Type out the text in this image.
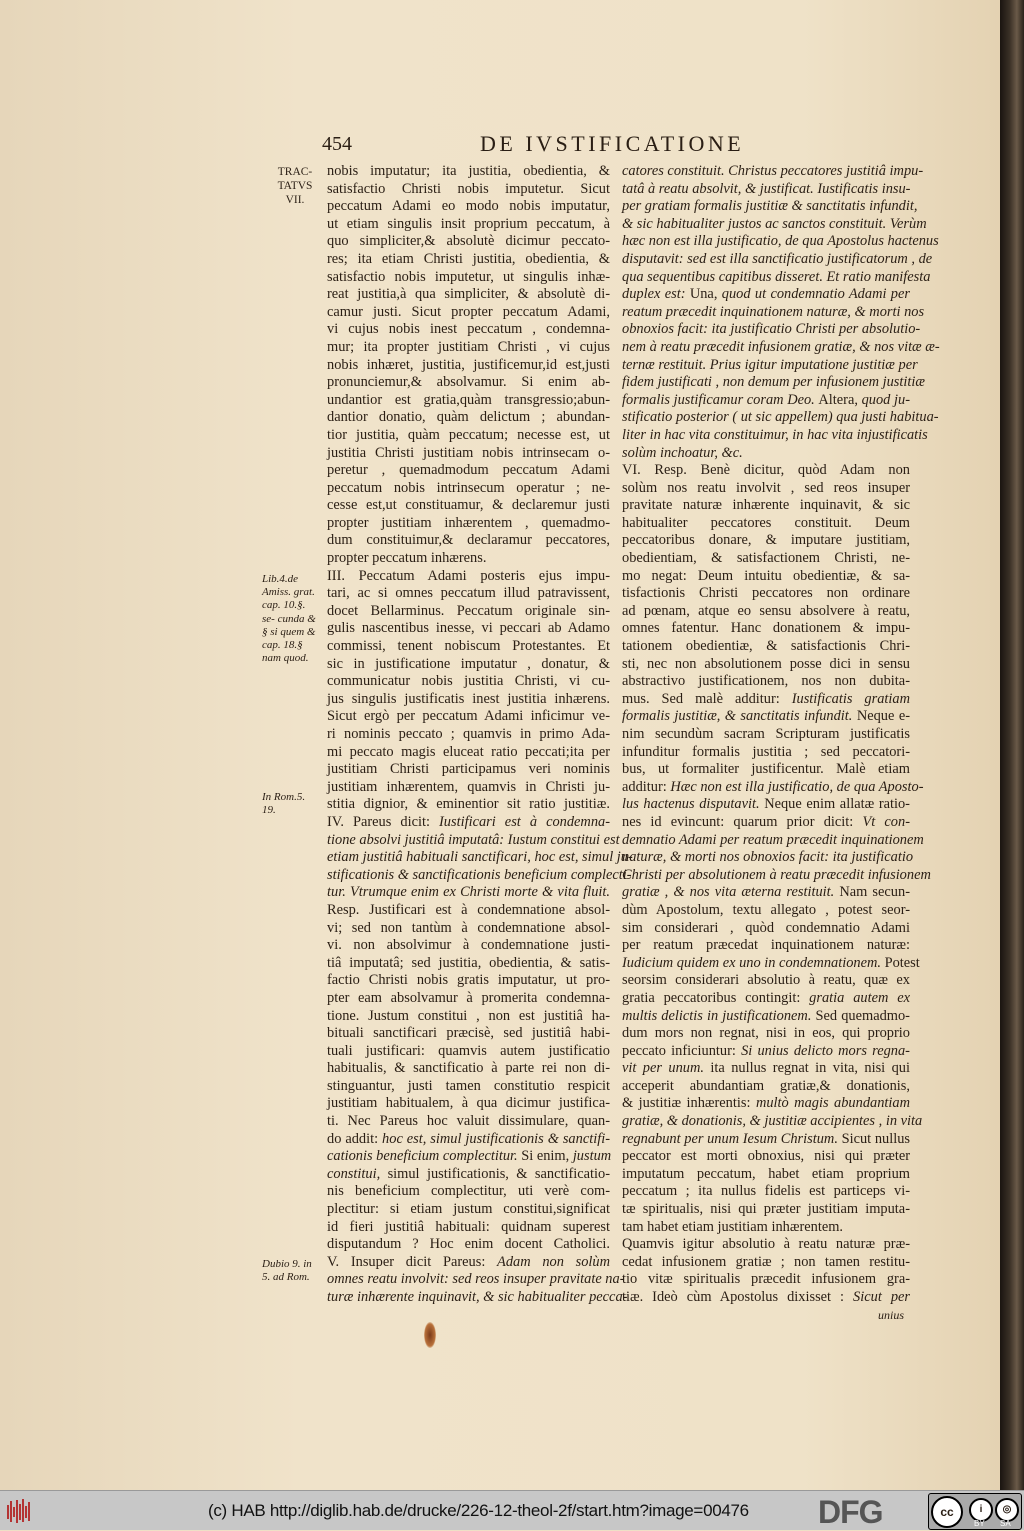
454	DE IVSTIFICATIONE
TRAC-TATVS VII.
Lib.4.de Amiss. grat. cap. 10.§. se- cunda & § si quem & cap. 18.§ nam quod.
In Rom.5. 19.
Dubio 9. in 5. ad Rom.
nobis imputatur; ita justitia, obedientia, &
satisfactio Christi nobis imputetur. Sicut
peccatum Adami eo modo nobis imputatur,
ut etiam singulis insit proprium peccatum, à
quo simpliciter,& absolutè dicimur peccato-
res; ita etiam Christi justitia, obedientia, &
satisfactio nobis imputetur, ut singulis inhæ-
reat justitia,à qua simpliciter, & absolutè di-
camur justi. Sicut propter peccatum Adami,
vi cujus nobis inest peccatum , condemna-
mur; ita propter justitiam Christi , vi cujus
nobis inhæret, justitia, justificemur,id est,justi
pronunciemur,& absolvamur. Si enim ab-
undantior est gratia,quàm transgressio;abun-
dantior donatio, quàm delictum ; abundan-
tior justitia, quàm peccatum; necesse est, ut
justitia Christi justitiam nobis intrinsecam o-
peretur , quemadmodum peccatum Adami
peccatum nobis intrinsecum operatur ; ne-
cesse est,ut constituamur, & declaremur justi
propter justitiam inhærentem , quemadmo-
dum constituimur,& declaramur peccatores,
propter peccatum inhærens.
III. Peccatum Adami posteris ejus impu-
tari, ac si omnes peccatum illud patravissent,
docet Bellarminus. Peccatum originale sin-
gulis nascentibus inesse, vi peccari ab Adamo
commissi, tenent nobiscum Protestantes. Et
sic in justificatione imputatur , donatur, &
communicatur nobis justitia Christi, vi cu-
jus singulis justificatis inest justitia inhærens.
Sicut ergò per peccatum Adami inficimur ve-
ri nominis peccato ; quamvis in primo Ada-
mi peccato magis eluceat ratio peccati;ita per
justitiam Christi participamus veri nominis
justitiam inhærentem, quamvis in Christi ju-
stitia dignior, & eminentior sit ratio justitiæ.
IV. Pareus dicit: Iustificari est à condemna-
tione absolvi justitiâ imputatâ: Iustum constitui est
etiam justitiâ habituali sanctificari, hoc est, simul ju-
stificationis & sanctificationis beneficium complecti-
tur. Vtrumque enim ex Christi morte & vita fluit.
Resp. Justificari est à condemnatione absol-
vi; sed non tantùm à condemnatione absol-
vi. non absolvimur à condemnatione justi-
tiâ imputatâ; sed justitia, obedientia, & satis-
factio Christi nobis gratis imputatur, ut pro-
pter eam absolvamur à promerita condemna-
tione. Justum constitui , non est justitiâ ha-
bituali sanctificari præcisè, sed justitiâ habi-
tuali justificari: quamvis autem justificatio
habitualis, & sanctificatio à parte rei non di-
stinguantur, justi tamen constitutio respicit
justitiam habitualem, à qua dicimur justifica-
ti. Nec Pareus hoc valuit dissimulare, quan-
do addit: hoc est, simul justificationis & sanctifi-
cationis beneficium complectitur. Si enim, justum
constitui, simul justificationis, & sanctificatio-
nis beneficium complectitur, uti verè com-
plectitur: si etiam justum constitui,significat
id fieri justitiâ habituali: quidnam superest
disputandum ? Hoc enim docent Catholici.
V. Insuper dicit Pareus: Adam non solùm
omnes reatu involvit: sed reos insuper pravitate na-
turæ inhærente inquinavit, & sic habitualiter pecca-
catores constituit. Christus peccatores justitiâ impu-
tatâ à reatu absolvit, & justificat. Iustificatis insu-
per gratiam formalis justitiæ & sanctitatis infundit,
& sic habitualiter justos ac sanctos constituit. Verùm
hæc non est illa justificatio, de qua Apostolus hactenus
disputavit: sed est illa sanctificatio justificatorum , de
qua sequentibus capitibus disseret. Et ratio manifesta
duplex est: Una, quod ut condemnatio Adami per
reatum præcedit inquinationem naturæ, & morti nos
obnoxios facit: ita justificatio Christi per absolutio-
nem à reatu præcedit infusionem gratiæ, & nos vitæ æ-
ternæ restituit. Prius igitur imputatione justitiæ per
fidem justificati , non demum per infusionem justitiæ
formalis justificamur coram Deo. Altera, quod ju-
stificatio posterior ( ut sic appellem) qua justi habitua-
liter in hac vita constituimur, in hac vita injustificatis
solùm inchoatur, &c.
VI. Resp. Benè dicitur, quòd Adam non
solùm nos reatu involvit , sed reos insuper
pravitate naturæ inhærente inquinavit, & sic
habitualiter peccatores constituit. Deum
peccatoribus donare, & imputare justitiam,
obedientiam, & satisfactionem Christi, ne-
mo negat: Deum intuitu obedientiæ, & sa-
tisfactionis Christi peccatores non ordinare
ad pœnam, atque eo sensu absolvere à reatu,
omnes fatentur. Hanc donationem & impu-
tationem obedientiæ, & satisfactionis Chri-
sti, nec non absolutionem posse dici in sensu
abstractivo justificationem, nos non dubita-
mus. Sed malè additur: Iustificatis gratiam
formalis justitiæ, & sanctitatis infundit. Neque e-
nim secundùm sacram Scripturam justificatis
infunditur formalis justitia ; sed peccatori-
bus, ut formaliter justificentur. Malè etiam
additur: Hæc non est illa justificatio, de qua Aposto-
lus hactenus disputavit. Neque enim allatæ ratio-
nes id evincunt: quarum prior dicit: Vt con-
demnatio Adami per reatum præcedit inquinationem
naturæ, & morti nos obnoxios facit: ita justificatio
Christi per absolutionem à reatu præcedit infusionem
gratiæ , & nos vita æterna restituit. Nam secun-
dùm Apostolum, textu allegato , potest seor-
sim considerari , quòd condemnatio Adami
per reatum præcedat inquinationem naturæ:
Iudicium quidem ex uno in condemnationem. Potest
seorsim considerari absolutio à reatu, quæ ex
gratia peccatoribus contingit: gratia autem ex
multis delictis in justificationem. Sed quemadmo-
dum mors non regnat, nisi in eos, qui proprio
peccato inficiuntur: Si unius delicto mors regna-
vit per unum. ita nullus regnat in vita, nisi qui
acceperit abundantiam gratiæ,& donationis,
& justitiæ inhærentis: multò magis abundantiam
gratiæ, & donationis, & justitiæ accipientes , in vita
regnabunt per unum Iesum Christum. Sicut nullus
peccator est morti obnoxius, nisi qui præter
imputatum peccatum, habet etiam proprium
peccatum ; ita nullus fidelis est particeps vi-
tæ spiritualis, nisi qui præter justitiam imputa-
tam habet etiam justitiam inhærentem.
Quamvis igitur absolutio à reatu naturæ præ-
cedat infusionem gratiæ ; non tamen restitu-
tio vitæ spiritualis præcedit infusionem gra-
tiæ. Ideò cùm Apostolus dixisset : Sicut per
unius
(c) HAB http://diglib.hab.de/drucke/226-12-theol-2f/start.htm?image=00476 DFG	cc	i	◎
BY SA
